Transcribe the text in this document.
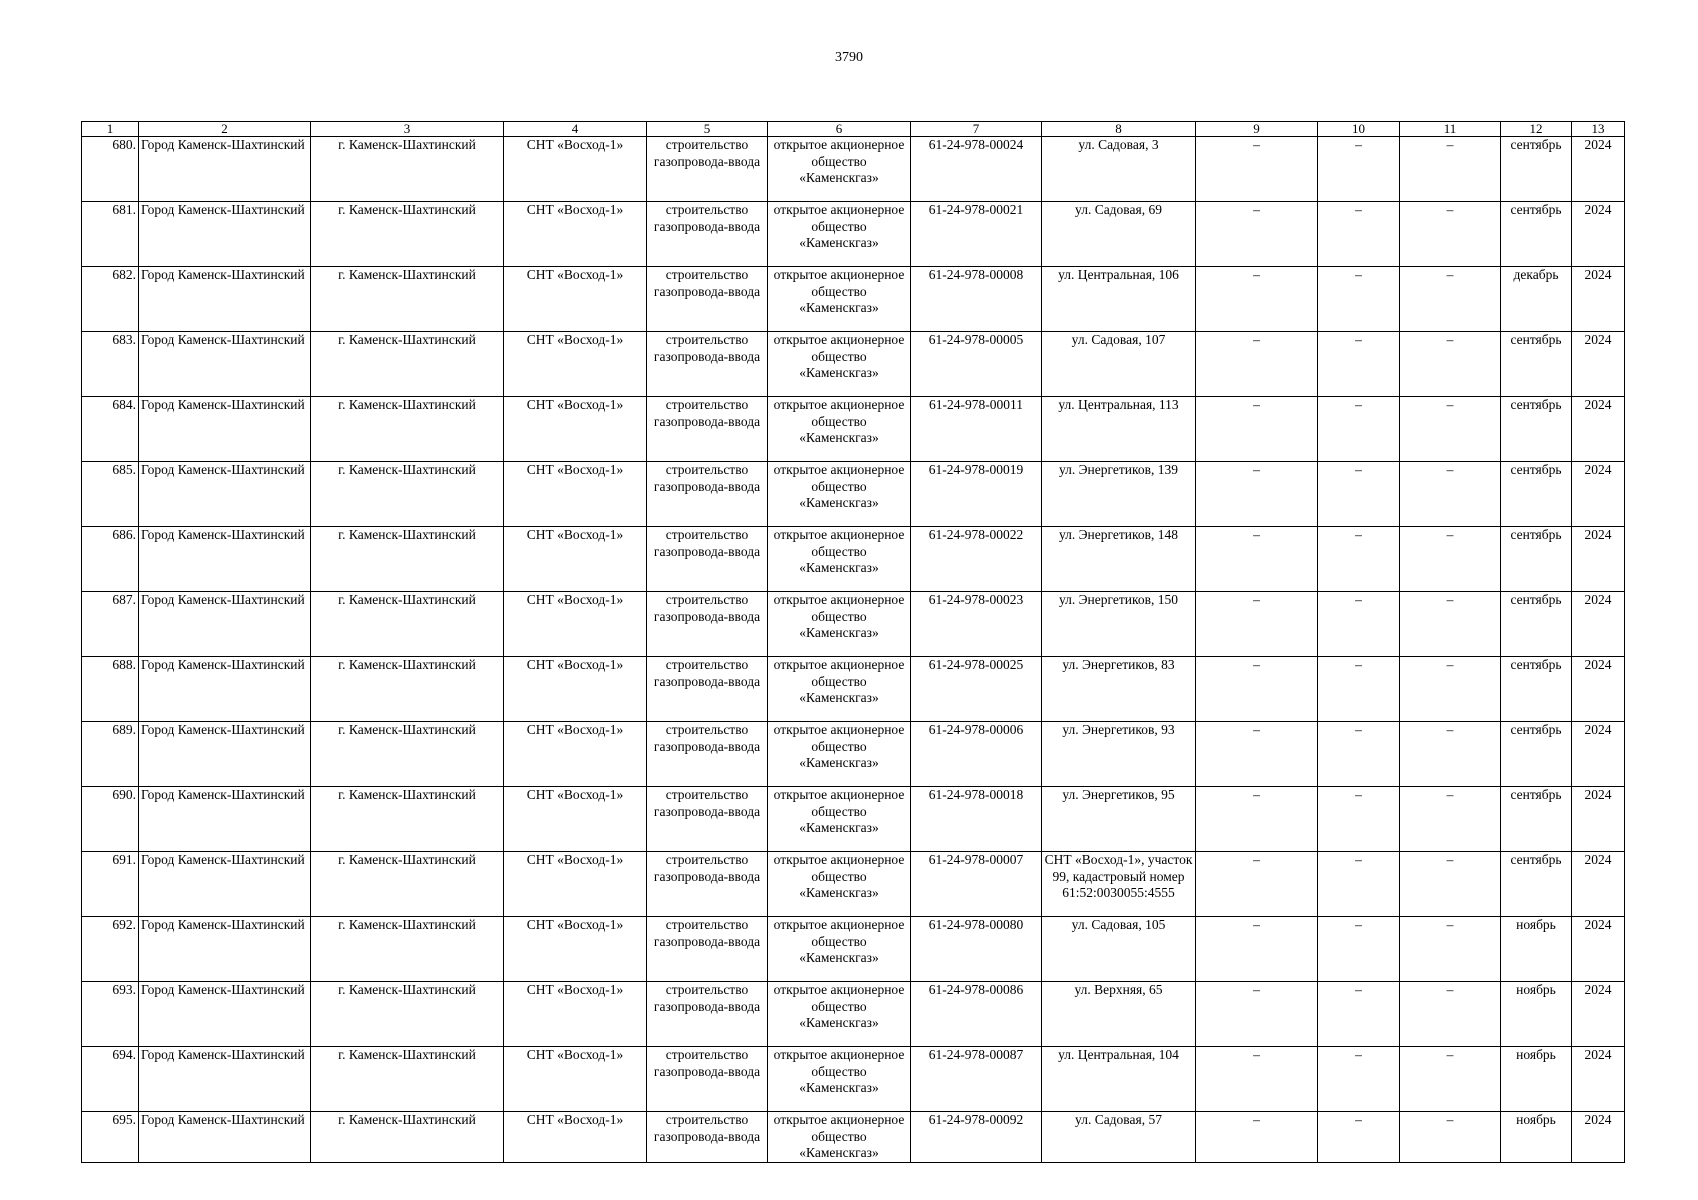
3790
1	2	3	4	5	6	7	8	9	10	11	12	13
680.	Город Каменск-Шахтинский	г. Каменск-Шахтинский	СНТ «Восход-1»	строительство газопровода-ввода	открытое акционерное общество «Каменскгаз»	61-24-978-00024	ул. Садовая, 3	–	–	–	сентябрь	2024
681.	Город Каменск-Шахтинский	г. Каменск-Шахтинский	СНТ «Восход-1»	строительство газопровода-ввода	открытое акционерное общество «Каменскгаз»	61-24-978-00021	ул. Садовая, 69	–	–	–	сентябрь	2024
682.	Город Каменск-Шахтинский	г. Каменск-Шахтинский	СНТ «Восход-1»	строительство газопровода-ввода	открытое акционерное общество «Каменскгаз»	61-24-978-00008	ул. Центральная, 106	–	–	–	декабрь	2024
683.	Город Каменск-Шахтинский	г. Каменск-Шахтинский	СНТ «Восход-1»	строительство газопровода-ввода	открытое акционерное общество «Каменскгаз»	61-24-978-00005	ул. Садовая, 107	–	–	–	сентябрь	2024
684.	Город Каменск-Шахтинский	г. Каменск-Шахтинский	СНТ «Восход-1»	строительство газопровода-ввода	открытое акционерное общество «Каменскгаз»	61-24-978-00011	ул. Центральная, 113	–	–	–	сентябрь	2024
685.	Город Каменск-Шахтинский	г. Каменск-Шахтинский	СНТ «Восход-1»	строительство газопровода-ввода	открытое акционерное общество «Каменскгаз»	61-24-978-00019	ул. Энергетиков, 139	–	–	–	сентябрь	2024
686.	Город Каменск-Шахтинский	г. Каменск-Шахтинский	СНТ «Восход-1»	строительство газопровода-ввода	открытое акционерное общество «Каменскгаз»	61-24-978-00022	ул. Энергетиков, 148	–	–	–	сентябрь	2024
687.	Город Каменск-Шахтинский	г. Каменск-Шахтинский	СНТ «Восход-1»	строительство газопровода-ввода	открытое акционерное общество «Каменскгаз»	61-24-978-00023	ул. Энергетиков, 150	–	–	–	сентябрь	2024
688.	Город Каменск-Шахтинский	г. Каменск-Шахтинский	СНТ «Восход-1»	строительство газопровода-ввода	открытое акционерное общество «Каменскгаз»	61-24-978-00025	ул. Энергетиков, 83	–	–	–	сентябрь	2024
689.	Город Каменск-Шахтинский	г. Каменск-Шахтинский	СНТ «Восход-1»	строительство газопровода-ввода	открытое акционерное общество «Каменскгаз»	61-24-978-00006	ул. Энергетиков, 93	–	–	–	сентябрь	2024
690.	Город Каменск-Шахтинский	г. Каменск-Шахтинский	СНТ «Восход-1»	строительство газопровода-ввода	открытое акционерное общество «Каменскгаз»	61-24-978-00018	ул. Энергетиков, 95	–	–	–	сентябрь	2024
691.	Город Каменск-Шахтинский	г. Каменск-Шахтинский	СНТ «Восход-1»	строительство газопровода-ввода	открытое акционерное общество «Каменскгаз»	61-24-978-00007	СНТ «Восход-1», участок 99, кадастровый номер 61:52:0030055:4555	–	–	–	сентябрь	2024
692.	Город Каменск-Шахтинский	г. Каменск-Шахтинский	СНТ «Восход-1»	строительство газопровода-ввода	открытое акционерное общество «Каменскгаз»	61-24-978-00080	ул. Садовая, 105	–	–	–	ноябрь	2024
693.	Город Каменск-Шахтинский	г. Каменск-Шахтинский	СНТ «Восход-1»	строительство газопровода-ввода	открытое акционерное общество «Каменскгаз»	61-24-978-00086	ул. Верхняя, 65	–	–	–	ноябрь	2024
694.	Город Каменск-Шахтинский	г. Каменск-Шахтинский	СНТ «Восход-1»	строительство газопровода-ввода	открытое акционерное общество «Каменскгаз»	61-24-978-00087	ул. Центральная, 104	–	–	–	ноябрь	2024
695.	Город Каменск-Шахтинский	г. Каменск-Шахтинский	СНТ «Восход-1»	строительство газопровода-ввода	открытое акционерное общество «Каменскгаз»	61-24-978-00092	ул. Садовая, 57	–	–	–	ноябрь	2024
